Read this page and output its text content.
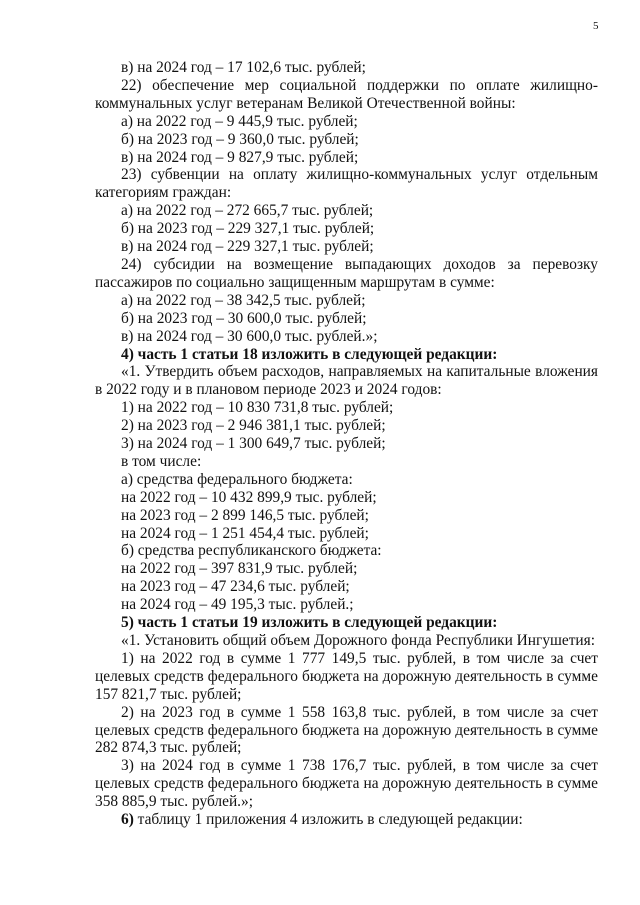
5
в) на 2024 год – 17 102,6 тыс. рублей;
22) обеспечение мер социальной поддержки по оплате жилищно-
коммунальных услуг ветеранам Великой Отечественной войны:
а) на 2022 год – 9 445,9 тыс. рублей;
б) на 2023 год – 9 360,0 тыс. рублей;
в) на 2024 год – 9 827,9 тыс. рублей;
23) субвенции на оплату жилищно-коммунальных услуг отдельным
категориям граждан:
а) на 2022 год – 272 665,7 тыс. рублей;
б) на 2023 год – 229 327,1 тыс. рублей;
в) на 2024 год – 229 327,1 тыс. рублей;
24) субсидии на возмещение выпадающих доходов за перевозку
пассажиров по социально защищенным маршрутам в сумме:
а) на 2022 год – 38 342,5 тыс. рублей;
б) на 2023 год – 30 600,0 тыс. рублей;
в) на 2024 год – 30 600,0 тыс. рублей.»;
4) часть 1 статьи 18 изложить в следующей редакции:
«1. Утвердить объем расходов, направляемых на капитальные вложения
в 2022 году и в плановом периоде 2023 и 2024 годов:
1) на 2022 год – 10 830 731,8 тыс. рублей;
2) на 2023 год – 2 946 381,1 тыс. рублей;
3) на 2024 год – 1 300 649,7 тыс. рублей;
в том числе:
а) средства федерального бюджета:
на 2022 год – 10 432 899,9 тыс. рублей;
на 2023 год – 2 899 146,5 тыс. рублей;
на 2024 год – 1 251 454,4 тыс. рублей;
б) средства республиканского бюджета:
на 2022 год – 397 831,9 тыс. рублей;
на 2023 год – 47 234,6 тыс. рублей;
на 2024 год – 49 195,3 тыс. рублей.;
5) часть 1 статьи 19 изложить в следующей редакции:
«1. Установить общий объем Дорожного фонда Республики Ингушетия:
1) на 2022 год в сумме 1 777 149,5 тыс. рублей, в том числе за счет
целевых средств федерального бюджета на дорожную деятельность в сумме
157 821,7 тыс. рублей;
2) на 2023 год в сумме 1 558 163,8 тыс. рублей, в том числе за счет
целевых средств федерального бюджета на дорожную деятельность в сумме
282 874,3 тыс. рублей;
3) на 2024 год в сумме 1 738 176,7 тыс. рублей, в том числе за счет
целевых средств федерального бюджета на дорожную деятельность в сумме
358 885,9 тыс. рублей.»;
6) таблицу 1 приложения 4 изложить в следующей редакции:
